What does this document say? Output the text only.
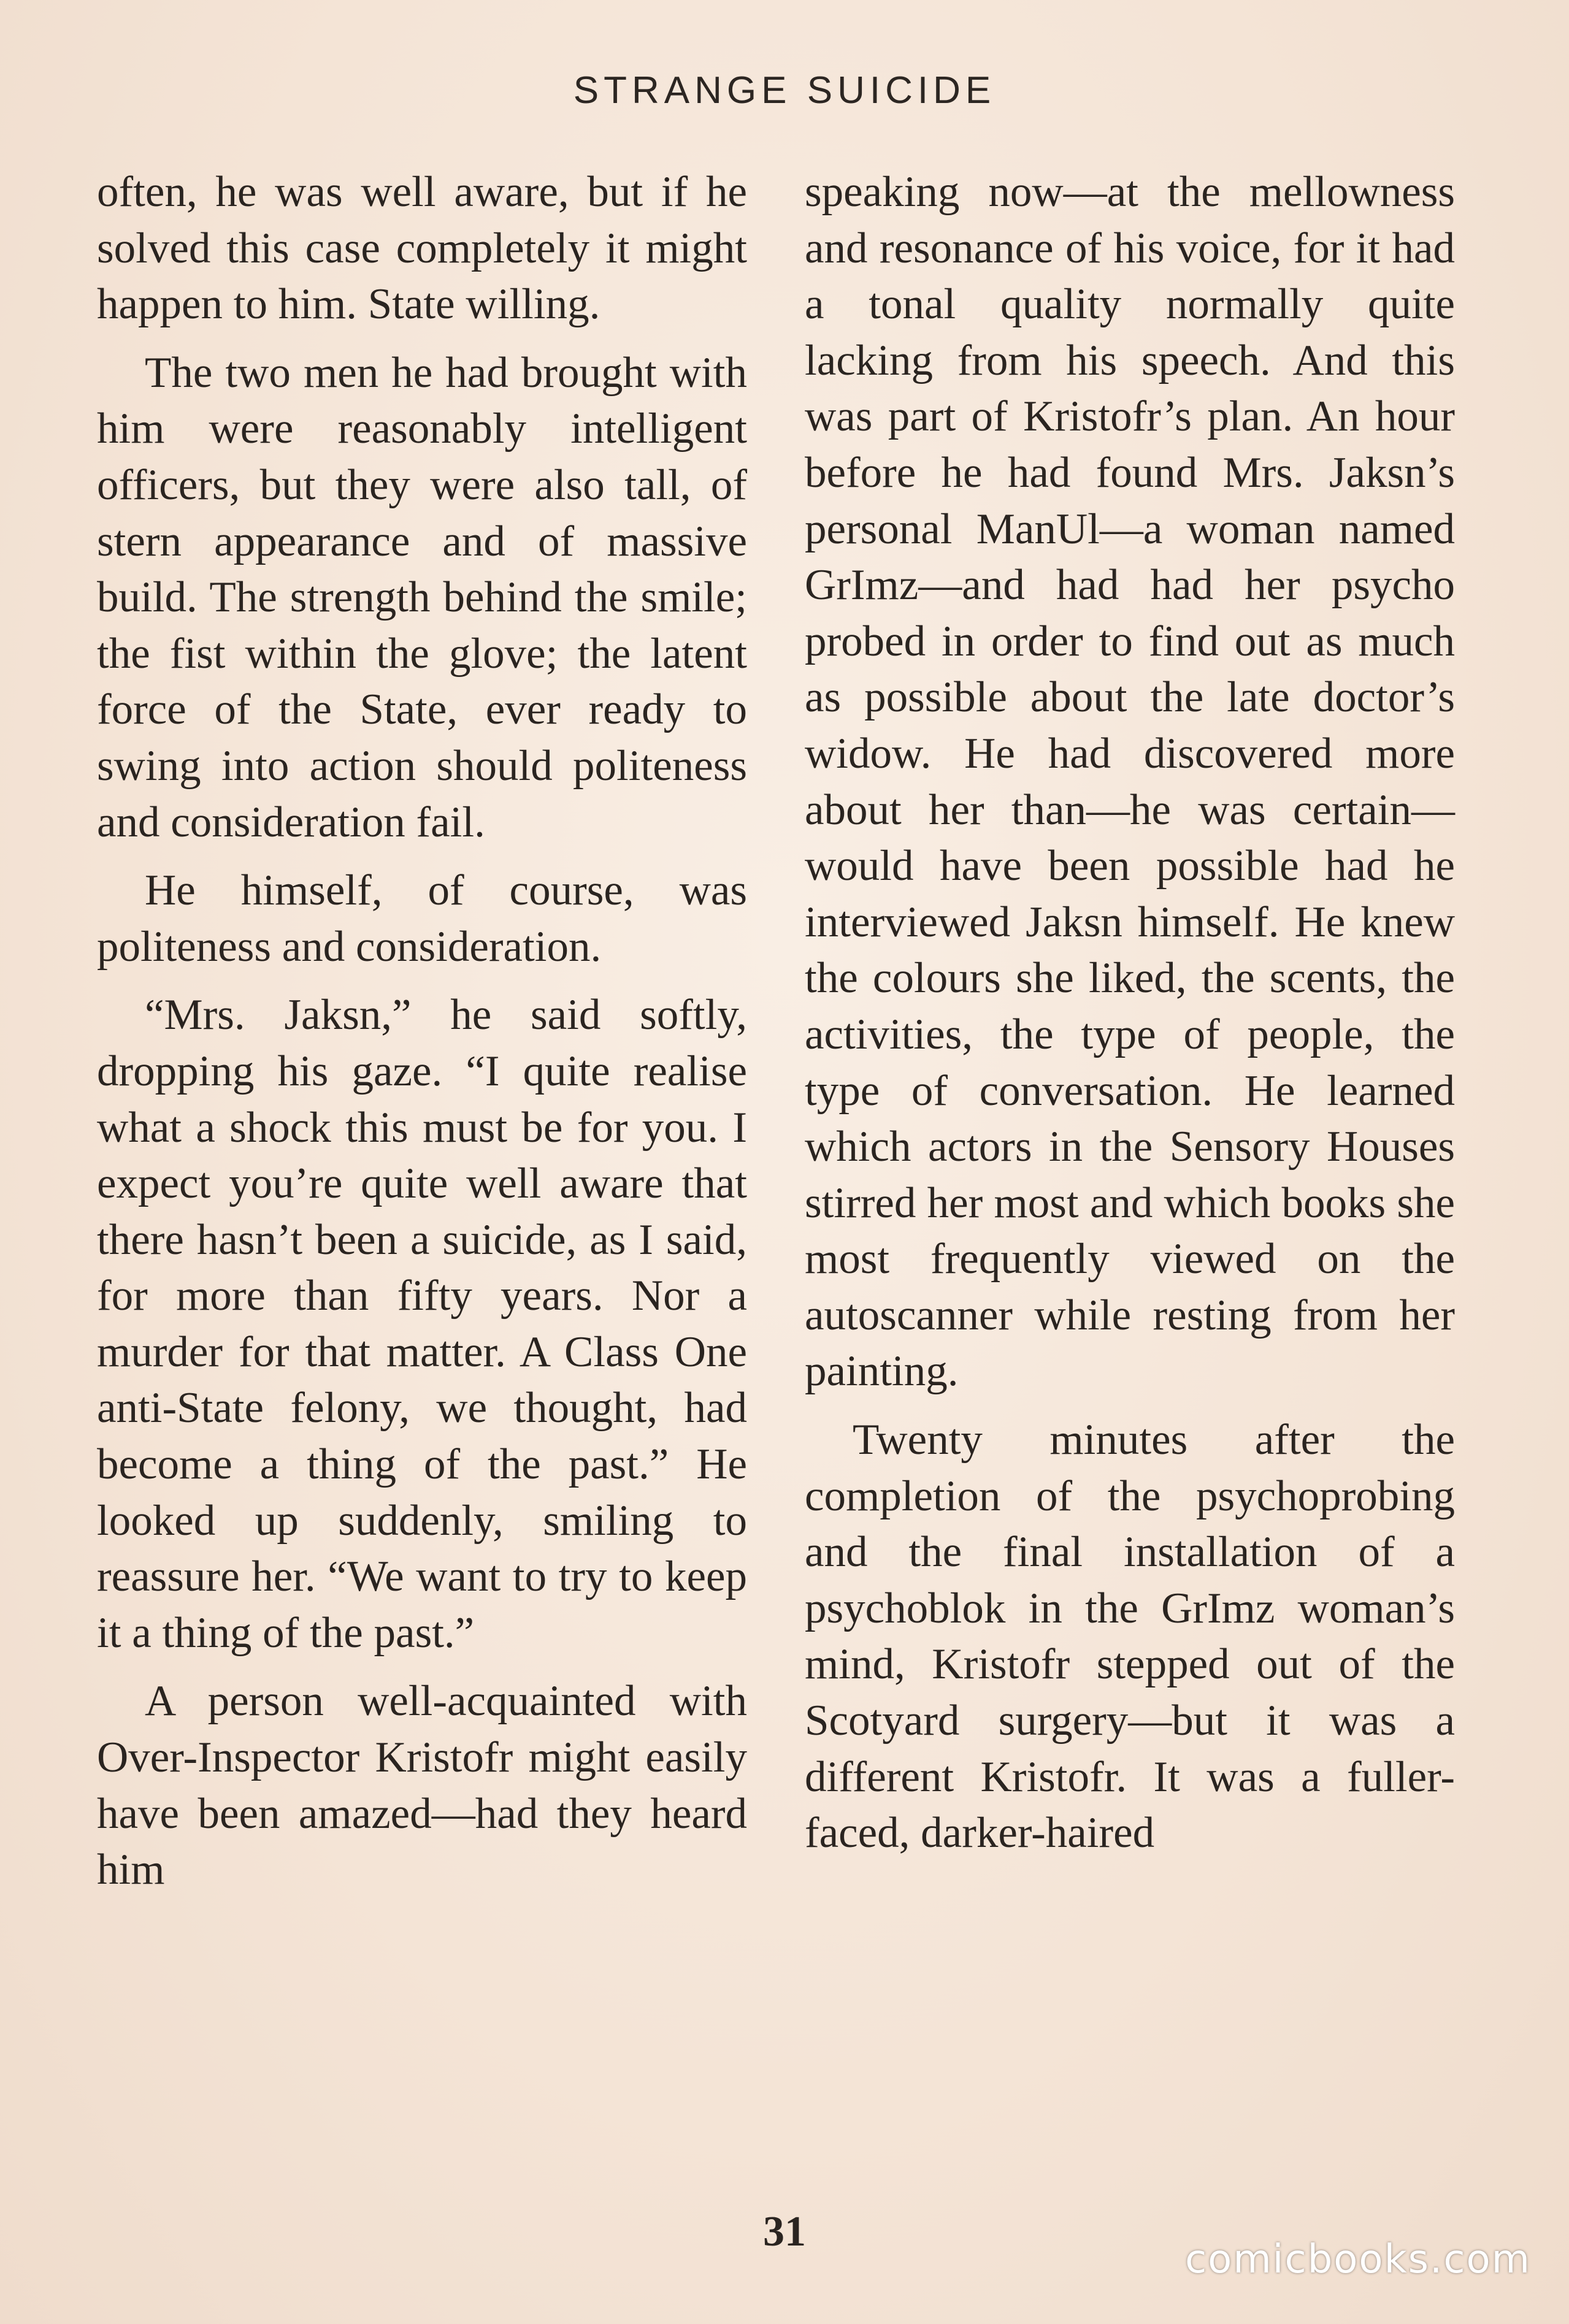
STRANGE SUICIDE

often, he was well aware, but if he solved this case completely it might happen to him. State willing.

The two men he had brought with him were reasonably intelligent officers, but they were also tall, of stern appearance and of massive build. The strength behind the smile; the fist within the glove; the latent force of the State, ever ready to swing into action should politeness and consideration fail.

He himself, of course, was politeness and consideration.

“Mrs. Jaksn,” he said softly, dropping his gaze. “I quite realise what a shock this must be for you. I expect you’re quite well aware that there hasn’t been a suicide, as I said, for more than fifty years. Nor a murder for that matter. A Class One anti-State felony, we thought, had become a thing of the past.” He looked up suddenly, smiling to reassure her. “We want to try to keep it a thing of the past.”

A person well-acquainted with Over-Inspector Kristofr might easily have been amazed—had they heard him

speaking now—at the mellowness and resonance of his voice, for it had a tonal quality normally quite lacking from his speech. And this was part of Kristofr’s plan. An hour before he had found Mrs. Jaksn’s personal ManUl—a woman named GrImz—and had had her psycho probed in order to find out as much as possible about the late doctor’s widow. He had discovered more about her than—he was certain—would have been possible had he interviewed Jaksn himself. He knew the colours she liked, the scents, the activities, the type of people, the type of conversation. He learned which actors in the Sensory Houses stirred her most and which books she most frequently viewed on the autoscanner while resting from her painting.

Twenty minutes after the completion of the psychoprobing and the final installation of a psychoblok in the GrImz woman’s mind, Kristofr stepped out of the Scotyard surgery—but it was a different Kristofr. It was a fuller-faced, darker-haired

31
comicbooks.com
